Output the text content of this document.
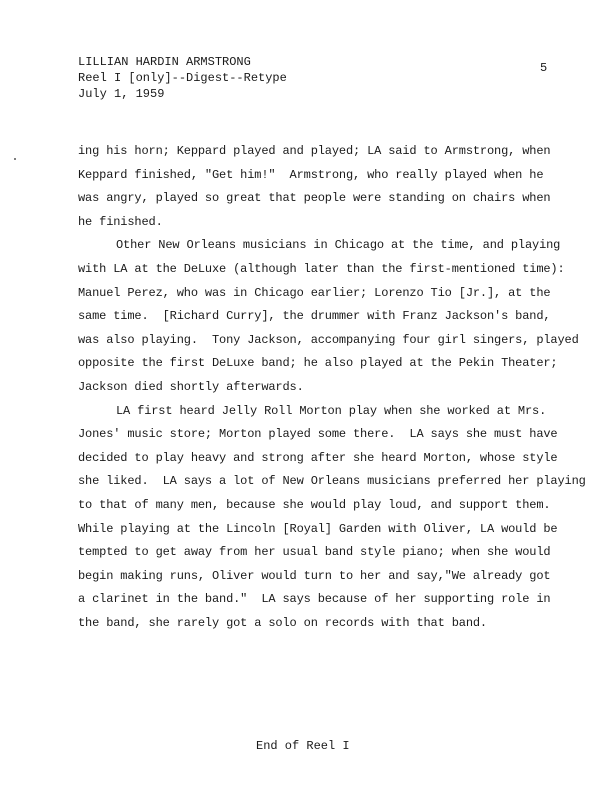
LILLIAN HARDIN ARMSTRONG
Reel I [only]--Digest--Retype
July 1, 1959
5
ing his horn; Keppard played and played; LA said to Armstrong, when
Keppard finished, "Get him!"  Armstrong, who really played when he
was angry, played so great that people were standing on chairs when
he finished.
Other New Orleans musicians in Chicago at the time, and playing
with LA at the DeLuxe (although later than the first-mentioned time):
Manuel Perez, who was in Chicago earlier; Lorenzo Tio [Jr.], at the
same time.  [Richard Curry], the drummer with Franz Jackson's band,
was also playing.  Tony Jackson, accompanying four girl singers, played
opposite the first DeLuxe band; he also played at the Pekin Theater;
Jackson died shortly afterwards.
LA first heard Jelly Roll Morton play when she worked at Mrs.
Jones' music store; Morton played some there.  LA says she must have
decided to play heavy and strong after she heard Morton, whose style
she liked.  LA says a lot of New Orleans musicians preferred her playing
to that of many men, because she would play loud, and support them.
While playing at the Lincoln [Royal] Garden with Oliver, LA would be
tempted to get away from her usual band style piano; when she would
begin making runs, Oliver would turn to her and say,"We already got
a clarinet in the band."  LA says because of her supporting role in
the band, she rarely got a solo on records with that band.
End of Reel I
